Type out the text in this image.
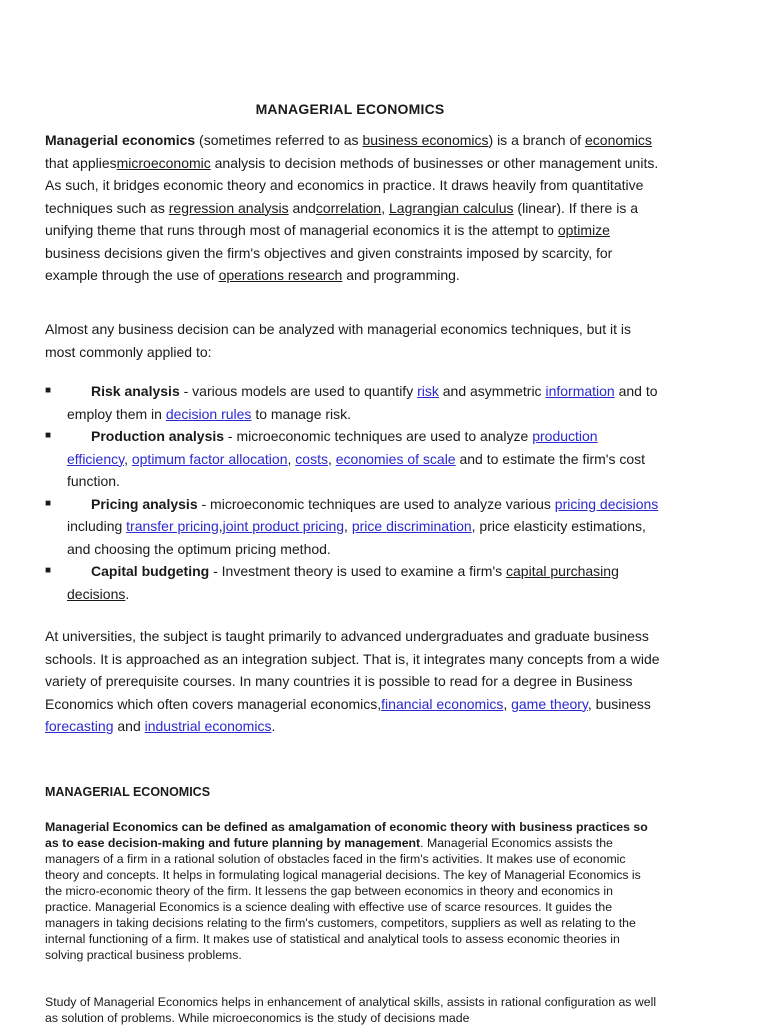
MANAGERIAL ECONOMICS
Managerial economics (sometimes referred to as business economics) is a branch of economics that appliesmicroeconomic analysis to decision methods of businesses or other management units. As such, it bridges economic theory and economics in practice. It draws heavily from quantitative techniques such as regression analysis andcorrelation, Lagrangian calculus (linear). If there is a unifying theme that runs through most of managerial economics it is the attempt to optimize business decisions given the firm's objectives and given constraints imposed by scarcity, for example through the use of operations research and programming.
Almost any business decision can be analyzed with managerial economics techniques, but it is most commonly applied to:
■	Risk analysis - various models are used to quantify risk and asymmetric information and to employ them in decision rules to manage risk.
■	Production analysis - microeconomic techniques are used to analyze production efficiency, optimum factor allocation, costs, economies of scale and to estimate the firm's cost function.
■	Pricing analysis - microeconomic techniques are used to analyze various pricing decisions including transfer pricing,joint product pricing, price discrimination, price elasticity estimations, and choosing the optimum pricing method.
■	Capital budgeting - Investment theory is used to examine a firm's capital purchasing decisions.
At universities, the subject is taught primarily to advanced undergraduates and graduate business schools. It is approached as an integration subject. That is, it integrates many concepts from a wide variety of prerequisite courses. In many countries it is possible to read for a degree in Business Economics which often covers managerial economics,financial economics, game theory, business forecasting and industrial economics.
MANAGERIAL ECONOMICS
Managerial Economics can be defined as amalgamation of economic theory with business practices so as to ease decision-making and future planning by management. Managerial Economics assists the managers of a firm in a rational solution of obstacles faced in the firm's activities. It makes use of economic theory and concepts. It helps in formulating logical managerial decisions. The key of Managerial Economics is the micro-economic theory of the firm. It lessens the gap between economics in theory and economics in practice. Managerial Economics is a science dealing with effective use of scarce resources. It guides the managers in taking decisions relating to the firm's customers, competitors, suppliers as well as relating to the internal functioning of a firm. It makes use of statistical and analytical tools to assess economic theories in solving practical business problems.
Study of Managerial Economics helps in enhancement of analytical skills, assists in rational configuration as well as solution of problems. While microeconomics is the study of decisions made
